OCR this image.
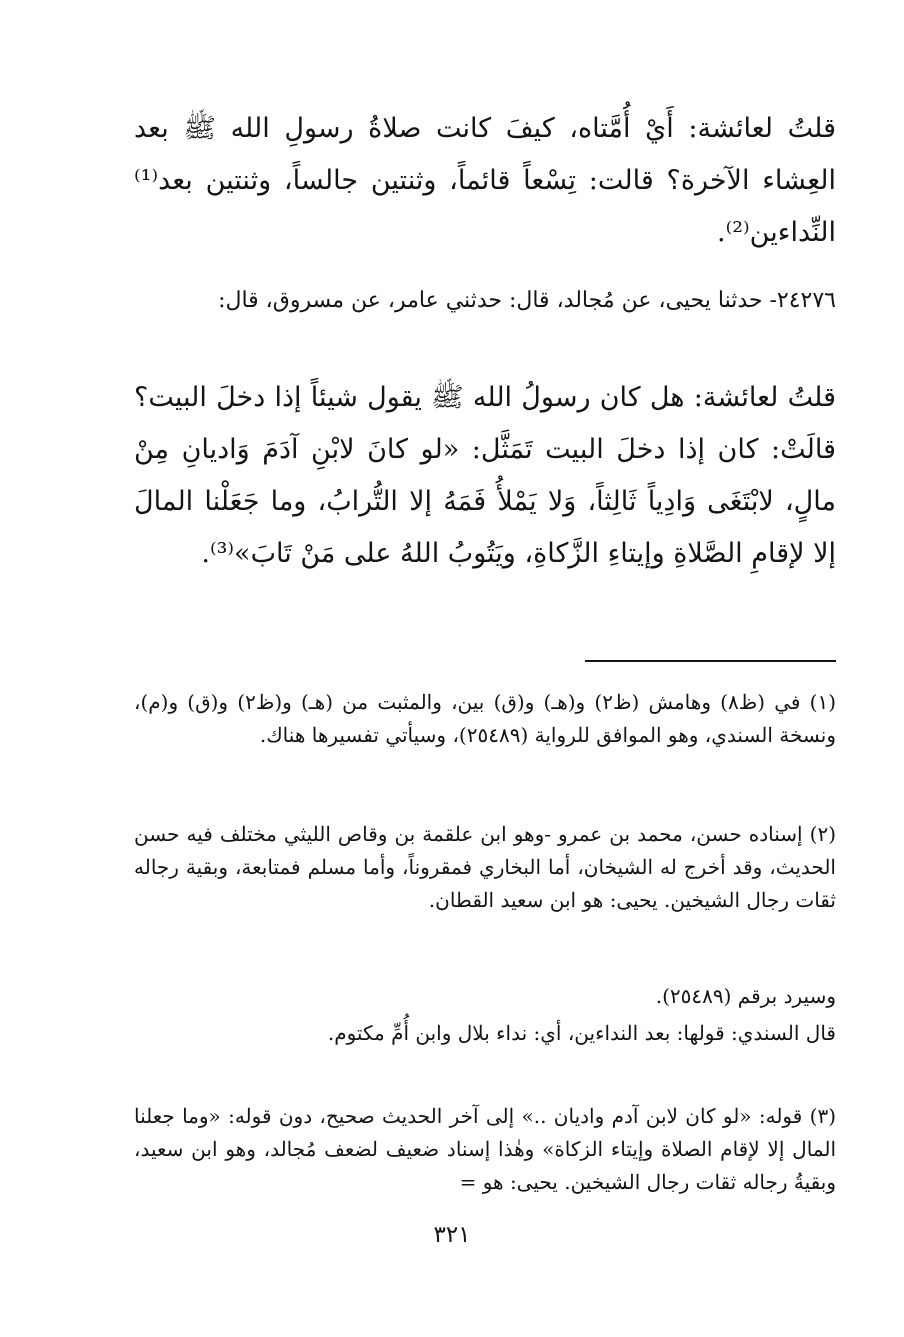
قلتُ لعائشة: أَيْ أُمَّتاه، كيفَ كانت صلاةُ رسولِ الله ﷺ بعد العِشاء الآخرة؟ قالت: تِسْعاً قائماً، وثنتين جالساً، وثنتين بعد⁽¹⁾ النِّداءين⁽²⁾.
٢٤٢٧٦- حدثنا يحيى، عن مُجالد، قال: حدثني عامر، عن مسروق، قال:
قلتُ لعائشة: هل كان رسولُ الله ﷺ يقول شيئاً إذا دخلَ البيت؟ قالَتْ: كان إذا دخلَ البيت تَمَثَّل: «لو كانَ لابْنِ آدَمَ وَاديانِ مِنْ مالٍ، لابْتَغَى وَادِياً ثَالِثاً، وَلا يَمْلأُ فَمَهُ إلا التُّرابُ، وما جَعَلْنا المالَ إلا لإقامِ الصَّلاةِ وإيتاءِ الزَّكاةِ، ويَتُوبُ اللهُ على مَنْ تَابَ»⁽³⁾.
(١) في (ظ٨) وهامش (ظ٢) و(هـ) و(ق) بين، والمثبت من (هـ) و(ظ٢) و(ق) و(م)، ونسخة السندي، وهو الموافق للرواية (٢٥٤٨٩)، وسيأتي تفسيرها هناك.
(٢) إسناده حسن، محمد بن عمرو -وهو ابن علقمة بن وقاص الليثي مختلف فيه حسن الحديث، وقد أخرج له الشيخان، أما البخاري فمقروناً، وأما مسلم فمتابعة، وبقية رجاله ثقات رجال الشيخين. يحيى: هو ابن سعيد القطان.
وسيرد برقم (٢٥٤٨٩).
قال السندي: قولها: بعد النداءين، أي: نداء بلال وابن أُمِّ مكتوم.
(٣) قوله: «لو كان لابن آدم واديان ..» إلى آخر الحديث صحيح، دون قوله: «وما جعلنا المال إلا لإقام الصلاة وإيتاء الزكاة» وهٰذا إسناد ضعيف لضعف مُجالد، وهو ابن سعيد، وبقيةُ رجاله ثقات رجال الشيخين. يحيى: هو =
٣٢١
